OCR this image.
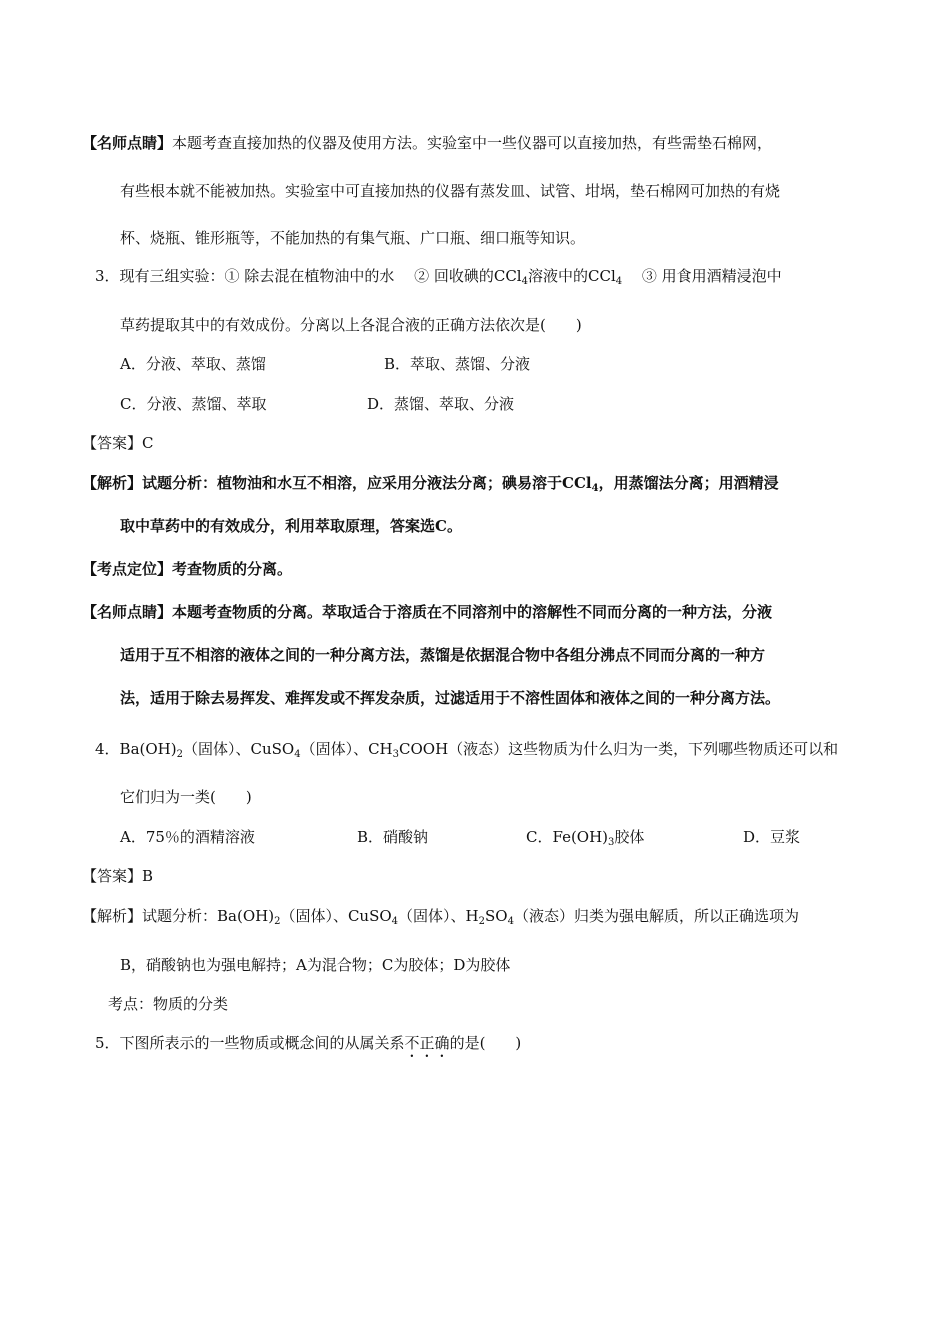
【名师点睛】本题考查直接加热的仪器及使用方法。实验室中一些仪器可以直接加热，有些需垫石棉网，
有些根本就不能被加热。实验室中可直接加热的仪器有蒸发皿、试管、坩埚，垫石棉网可加热的有烧
杯、烧瓶、锥形瓶等，不能加热的有集气瓶、广口瓶、细口瓶等知识。
3．现有三组实验：① 除去混在植物油中的水　 ② 回收碘的CCl$_4$溶液中的CCl$_4$　 ③ 用食用酒精浸泡中
草药提取其中的有效成份。分离以上各混合液的正确方法依次是(　　)
A．分液、萃取、蒸馏	B．萃取、蒸馏、分液
C．分液、蒸馏、萃取	D．蒸馏、萃取、分液
【答案】C
【解析】试题分析：植物油和水互不相溶，应采用分液法分离；碘易溶于CCl$_4$，用蒸馏法分离；用酒精浸
取中草药中的有效成分，利用萃取原理，答案选C。
【考点定位】考查物质的分离。
【名师点睛】本题考查物质的分离。萃取适合于溶质在不同溶剂中的溶解性不同而分离的一种方法，分液
适用于互不相溶的液体之间的一种分离方法，蒸馏是依据混合物中各组分沸点不同而分离的一种方
法，适用于除去易挥发、难挥发或不挥发杂质，过滤适用于不溶性固体和液体之间的一种分离方法。
4．$Ba(OH)_2$（固体）、CuSO$_4$（固体）、$CH_3COOH$（液态）这些物质为什么归为一类，下列哪些物质还可以和
它们归为一类(　　)
A．75％的酒精溶液	B．硝酸钠	C．$Fe(OH)_3$胶体	D．豆浆
【答案】B
【解析】试题分析：$Ba(OH)_2$（固体）、CuSO$_4$（固体）、$H_2SO_4$（液态）归类为强电解质，所以正确选项为
B，硝酸钠也为强电解持；A为混合物；C为胶体；D为胶体
考点：物质的分类
5．下图所表示的一些物质或概念间的从属关系不正确的是(　　)
